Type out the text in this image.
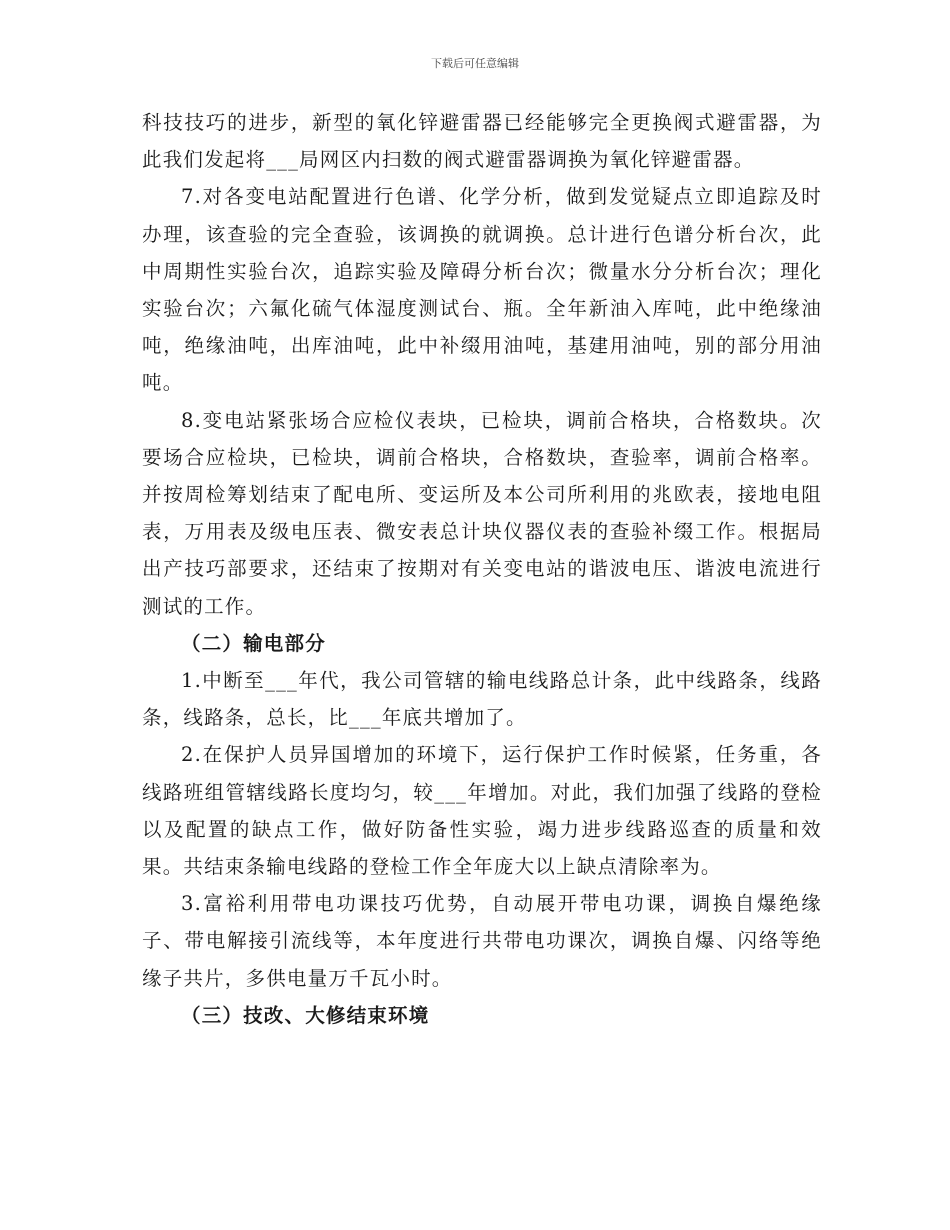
下载后可任意编辑

科技技巧的进步，新型的氧化锌避雷器已经能够完全更换阀式避雷器，为此我们发起将___局网区内扫数的阀式避雷器调换为氧化锌避雷器。

7.对各变电站配置进行色谱、化学分析，做到发觉疑点立即追踪及时办理，该查验的完全查验，该调换的就调换。总计进行色谱分析台次，此中周期性实验台次，追踪实验及障碍分析台次；微量水分分析台次；理化实验台次；六氟化硫气体湿度测试台、瓶。全年新油入库吨，此中绝缘油吨，绝缘油吨，出库油吨，此中补缀用油吨，基建用油吨，别的部分用油吨。

8.变电站紧张场合应检仪表块，已检块，调前合格块，合格数块。次要场合应检块，已检块，调前合格块，合格数块，查验率，调前合格率。并按周检筹划结束了配电所、变运所及本公司所利用的兆欧表，接地电阻表，万用表及级电压表、微安表总计块仪器仪表的查验补缀工作。根据局出产技巧部要求，还结束了按期对有关变电站的谐波电压、谐波电流进行测试的工作。

（二）输电部分

1.中断至___年代，我公司管辖的输电线路总计条，此中线路条，线路条，线路条，总长，比___年底共增加了。

2.在保护人员异国增加的环境下，运行保护工作时候紧，任务重，各线路班组管辖线路长度均匀，较___年增加。对此，我们加强了线路的登检以及配置的缺点工作，做好防备性实验，竭力进步线路巡查的质量和效果。共结束条输电线路的登检工作全年庞大以上缺点清除率为。

3.富裕利用带电功课技巧优势，自动展开带电功课，调换自爆绝缘子、带电解接引流线等，本年度进行共带电功课次，调换自爆、闪络等绝缘子共片，多供电量万千瓦小时。

（三）技改、大修结束环境
